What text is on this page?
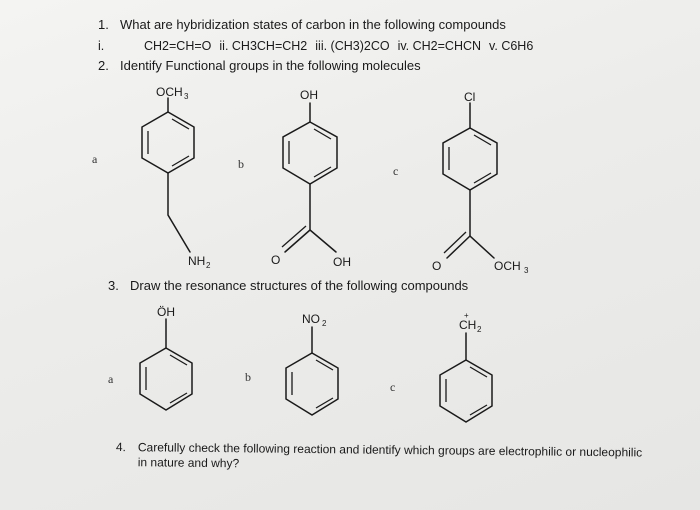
1. What are hybridization states of carbon in the following compounds
i.	CH2=CH=O ii. CH3CH=CH2 iii. (CH3)2CO iv. CH2=CHCN v. C6H6
2. Identify Functional groups in the following molecules
a	b	c
3. Draw the resonance structures of the following compounds
a	b
c
4. Carefully check the following reaction and identify which groups are electrophilic or nucleophilic
in nature and why?
OCH 3
NH 2
OH
O	OH
Cl
O	OCH 3
ÖH	NO 2
+
CH 2
